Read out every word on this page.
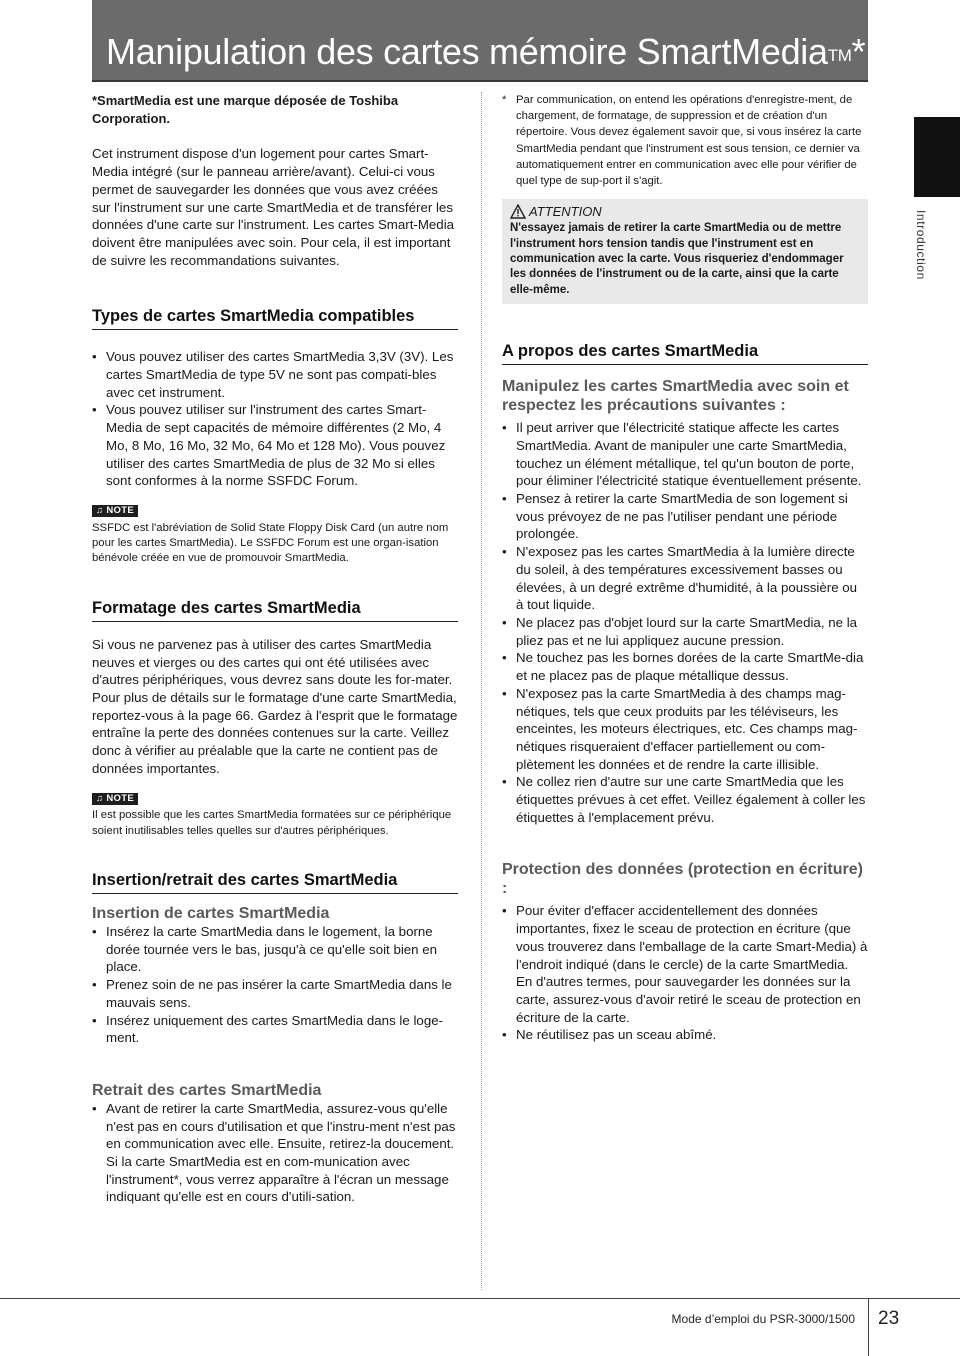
Manipulation des cartes mémoire SmartMedia™*
Introduction

*SmartMedia est une marque déposée de Toshiba Corporation.

Cet instrument dispose d'un logement pour cartes Smart-Media intégré (sur le panneau arrière/avant). Celui-ci vous permet de sauvegarder les données que vous avez créées sur l'instrument sur une carte SmartMedia et de transférer les données d'une carte sur l'instrument. Les cartes Smart-Media doivent être manipulées avec soin. Pour cela, il est important de suivre les recommandations suivantes.

Types de cartes SmartMedia compatibles
• Vous pouvez utiliser des cartes SmartMedia 3,3V (3V). Les cartes SmartMedia de type 5V ne sont pas compati-bles avec cet instrument.
• Vous pouvez utiliser sur l'instrument des cartes Smart-Media de sept capacités de mémoire différentes (2 Mo, 4 Mo, 8 Mo, 16 Mo, 32 Mo, 64 Mo et 128 Mo). Vous pouvez utiliser des cartes SmartMedia de plus de 32 Mo si elles sont conformes à la norme SSFDC Forum.
♫ NOTE

SSFDC est l'abréviation de Solid State Floppy Disk Card (un autre nom pour les cartes SmartMedia). Le SSFDC Forum est une organ-isation bénévole créée en vue de promouvoir SmartMedia.

Formatage des cartes SmartMedia

Si vous ne parvenez pas à utiliser des cartes SmartMedia neuves et vierges ou des cartes qui ont été utilisées avec d'autres périphériques, vous devrez sans doute les for-mater. Pour plus de détails sur le formatage d'une carte SmartMedia, reportez-vous à la page 66. Gardez à l'esprit que le formatage entraîne la perte des données contenues sur la carte. Veillez donc à vérifier au préalable que la carte ne contient pas de données importantes.

♫ NOTE

Il est possible que les cartes SmartMedia formatées sur ce périphérique soient inutilisables telles quelles sur d'autres périphériques.

Insertion/retrait des cartes SmartMedia
Insertion de cartes SmartMedia
• Insérez la carte SmartMedia dans le logement, la borne dorée tournée vers le bas, jusqu'à ce qu'elle soit bien en place.
• Prenez soin de ne pas insérer la carte SmartMedia dans le mauvais sens.
• Insérez uniquement des cartes SmartMedia dans le loge-ment.
Retrait des cartes SmartMedia
• Avant de retirer la carte SmartMedia, assurez-vous qu'elle n'est pas en cours d'utilisation et que l'instru-ment n'est pas en communication avec elle. Ensuite, retirez-la doucement. Si la carte SmartMedia est en com-munication avec l'instrument*, vous verrez apparaître à l'écran un message indiquant qu'elle est en cours d'utili-sation.
* Par communication, on entend les opérations d'enregistre-ment, de chargement, de formatage, de suppression et de création d'un répertoire. Vous devez également savoir que, si vous insérez la carte SmartMedia pendant que l'instrument est sous tension, ce dernier va automatiquement entrer en communication avec elle pour vérifier de quel type de sup-port il s'agit.
ATTENTION

N'essayez jamais de retirer la carte SmartMedia ou de mettre l'instrument hors tension tandis que l'instrument est en communication avec la carte. Vous risqueriez d'endommager les données de l'instrument ou de la carte, ainsi que la carte elle-même.

A propos des cartes SmartMedia
Manipulez les cartes SmartMedia avec soin et respectez les précautions suivantes :
• Il peut arriver que l'électricité statique affecte les cartes SmartMedia. Avant de manipuler une carte SmartMedia, touchez un élément métallique, tel qu'un bouton de porte, pour éliminer l'électricité statique éventuellement présente.
• Pensez à retirer la carte SmartMedia de son logement si vous prévoyez de ne pas l'utiliser pendant une période prolongée.
• N'exposez pas les cartes SmartMedia à la lumière directe du soleil, à des températures excessivement basses ou élevées, à un degré extrême d'humidité, à la poussière ou à tout liquide.
• Ne placez pas d'objet lourd sur la carte SmartMedia, ne la pliez pas et ne lui appliquez aucune pression.
• Ne touchez pas les bornes dorées de la carte SmartMe-dia et ne placez pas de plaque métallique dessus.
• N'exposez pas la carte SmartMedia à des champs mag-nétiques, tels que ceux produits par les téléviseurs, les enceintes, les moteurs électriques, etc. Ces champs mag-nétiques risqueraient d'effacer partiellement ou com-plètement les données et de rendre la carte illisible.
• Ne collez rien d'autre sur une carte SmartMedia que les étiquettes prévues à cet effet. Veillez également à coller les étiquettes à l'emplacement prévu.
Protection des données (protection en écriture) :
• Pour éviter d'effacer accidentellement des données importantes, fixez le sceau de protection en écriture (que vous trouverez dans l'emballage de la carte Smart-Media) à l'endroit indiqué (dans le cercle) de la carte SmartMedia. En d'autres termes, pour sauvegarder les données sur la carte, assurez-vous d'avoir retiré le sceau de protection en écriture de la carte.
• Ne réutilisez pas un sceau abîmé.
Mode d’emploi du PSR-3000/1500 23
